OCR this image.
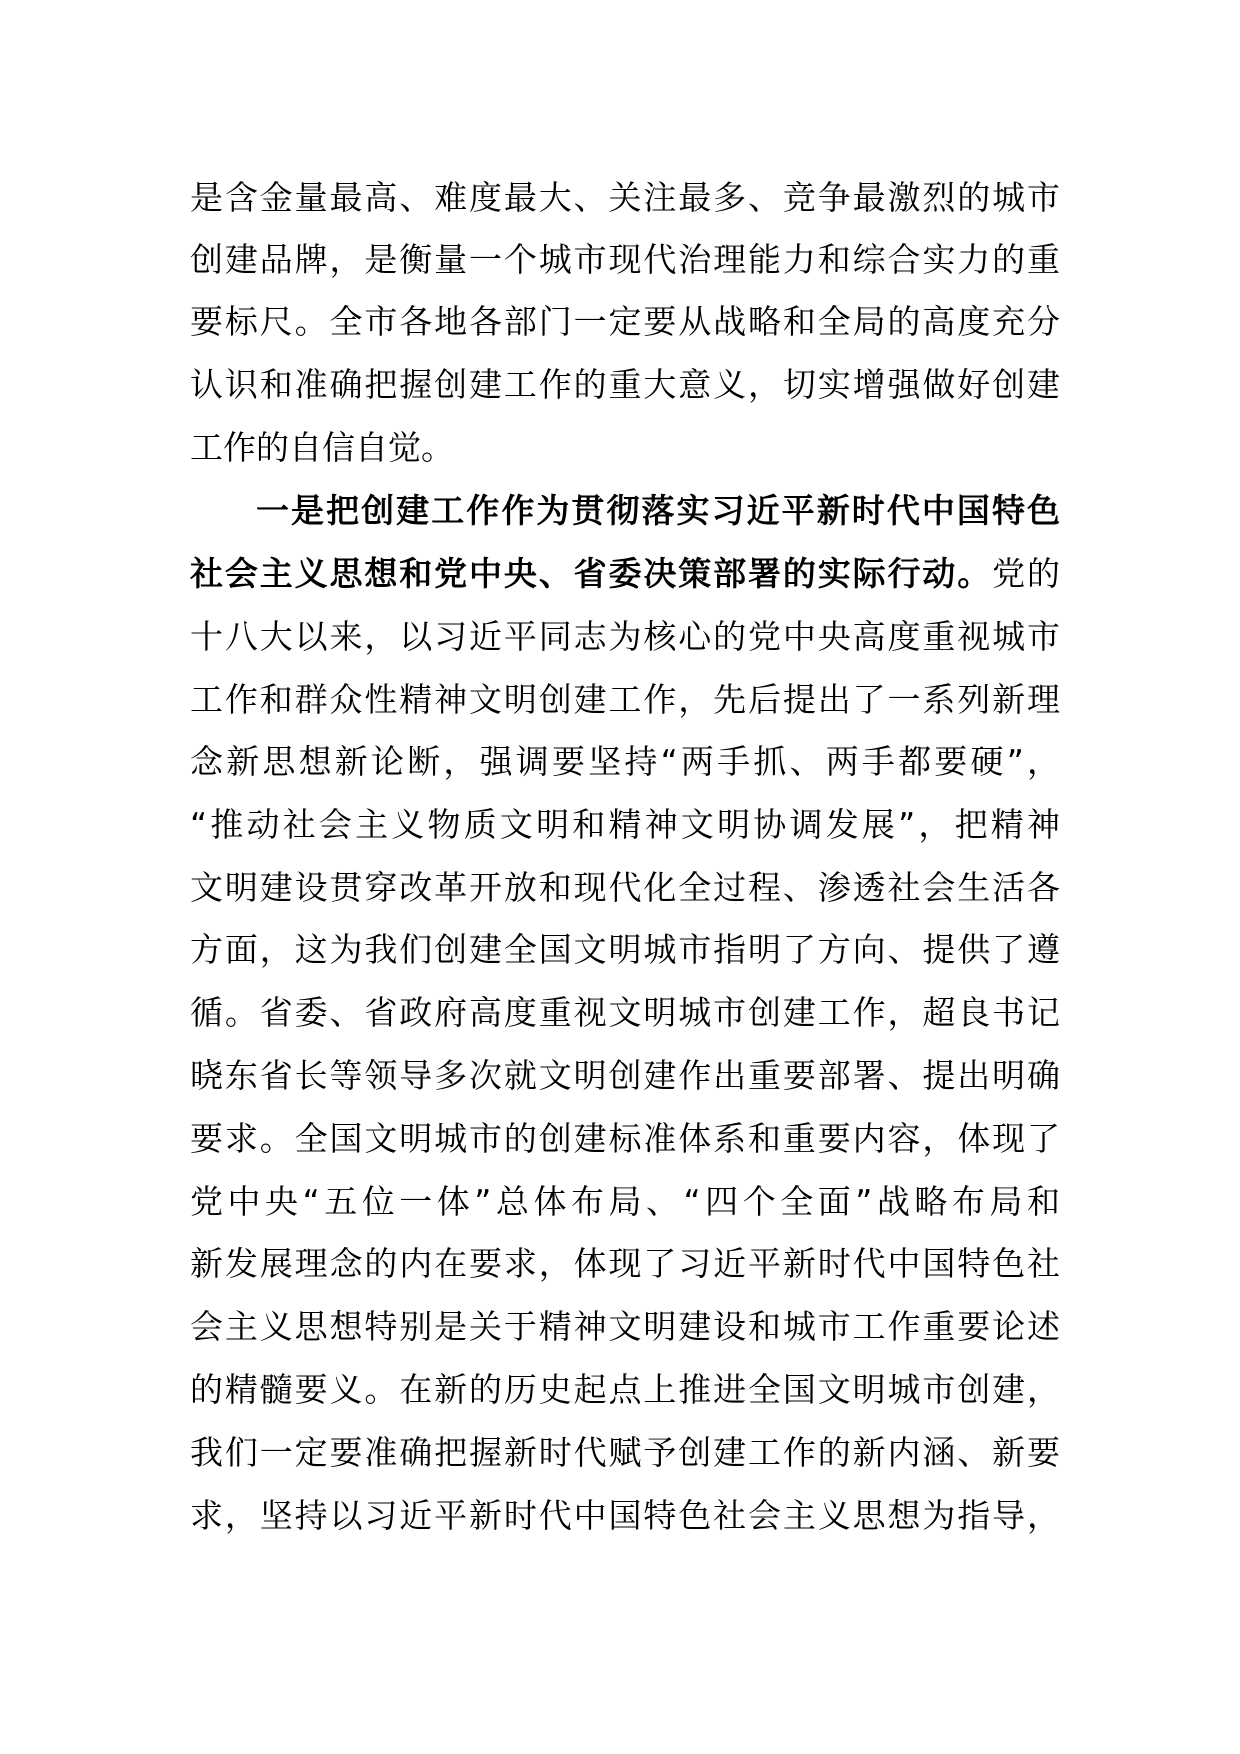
是含金量最高、难度最大、关注最多、竞争最激烈的城市
创建品牌，是衡量一个城市现代治理能力和综合实力的重
要标尺。全市各地各部门一定要从战略和全局的高度充分
认识和准确把握创建工作的重大意义，切实增强做好创建
工作的自信自觉。
一是把创建工作作为贯彻落实习近平新时代中国特色
社会主义思想和党中央、省委决策部署的实际行动。党的
十八大以来，以习近平同志为核心的党中央高度重视城市
工作和群众性精神文明创建工作，先后提出了一系列新理
念新思想新论断，强调要坚持“两手抓、两手都要硬”，
“推动社会主义物质文明和精神文明协调发展”，把精神
文明建设贯穿改革开放和现代化全过程、渗透社会生活各
方面，这为我们创建全国文明城市指明了方向、提供了遵
循。省委、省政府高度重视文明城市创建工作，超良书记
晓东省长等领导多次就文明创建作出重要部署、提出明确
要求。全国文明城市的创建标准体系和重要内容，体现了
党中央“五位一体”总体布局、“四个全面”战略布局和
新发展理念的内在要求，体现了习近平新时代中国特色社
会主义思想特别是关于精神文明建设和城市工作重要论述
的精髓要义。在新的历史起点上推进全国文明城市创建，
我们一定要准确把握新时代赋予创建工作的新内涵、新要
求，坚持以习近平新时代中国特色社会主义思想为指导，
